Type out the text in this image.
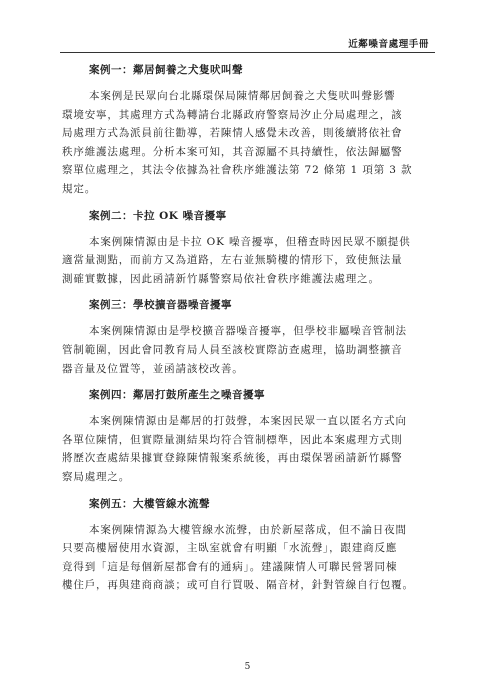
近鄰噪音處理手冊
案例一：鄰居飼養之犬隻吠叫聲
本案例是民眾向台北縣環保局陳情鄰居飼養之犬隻吠叫聲影響
環境安寧，其處理方式為轉請台北縣政府警察局汐止分局處理之，該
局處理方式為派員前往勸導，若陳情人感覺未改善，則後續將依社會
秩序維護法處理。分析本案可知，其音源屬不具持續性，依法歸屬警
察單位處理之，其法令依據為社會秩序維護法第 72 條第 1 項第 3 款
規定。
案例二：卡拉 OK 噪音擾寧
本案例陳情源由是卡拉 OK 噪音擾寧，但稽查時因民眾不願提供
適當量測點，而前方又為道路，左右並無騎樓的情形下，致使無法量
測確實數據，因此函請新竹縣警察局依社會秩序維護法處理之。
案例三：學校擴音器噪音擾寧
本案例陳情源由是學校擴音器噪音擾寧，但學校非屬噪音管制法
管制範圍，因此會同教育局人員至該校實際訪查處理，協助調整擴音
器音量及位置等，並函請該校改善。
案例四：鄰居打鼓所產生之噪音擾寧
本案例陳情源由是鄰居的打鼓聲，本案因民眾一直以匿名方式向
各單位陳情，但實際量測結果均符合管制標準，因此本案處理方式則
將歷次查處結果據實登錄陳情報案系統後，再由環保署函請新竹縣警
察局處理之。
案例五：大樓管線水流聲
本案例陳情源為大樓管線水流聲，由於新屋落成，但不論日夜間
只要高樓層使用水資源，主臥室就會有明顯「水流聲」，跟建商反應
竟得到「這是每個新屋都會有的通病」。建議陳情人可聯民營署同棟
樓住戶，再與建商商談；或可自行買吸、隔音材，針對管線自行包覆。
5
